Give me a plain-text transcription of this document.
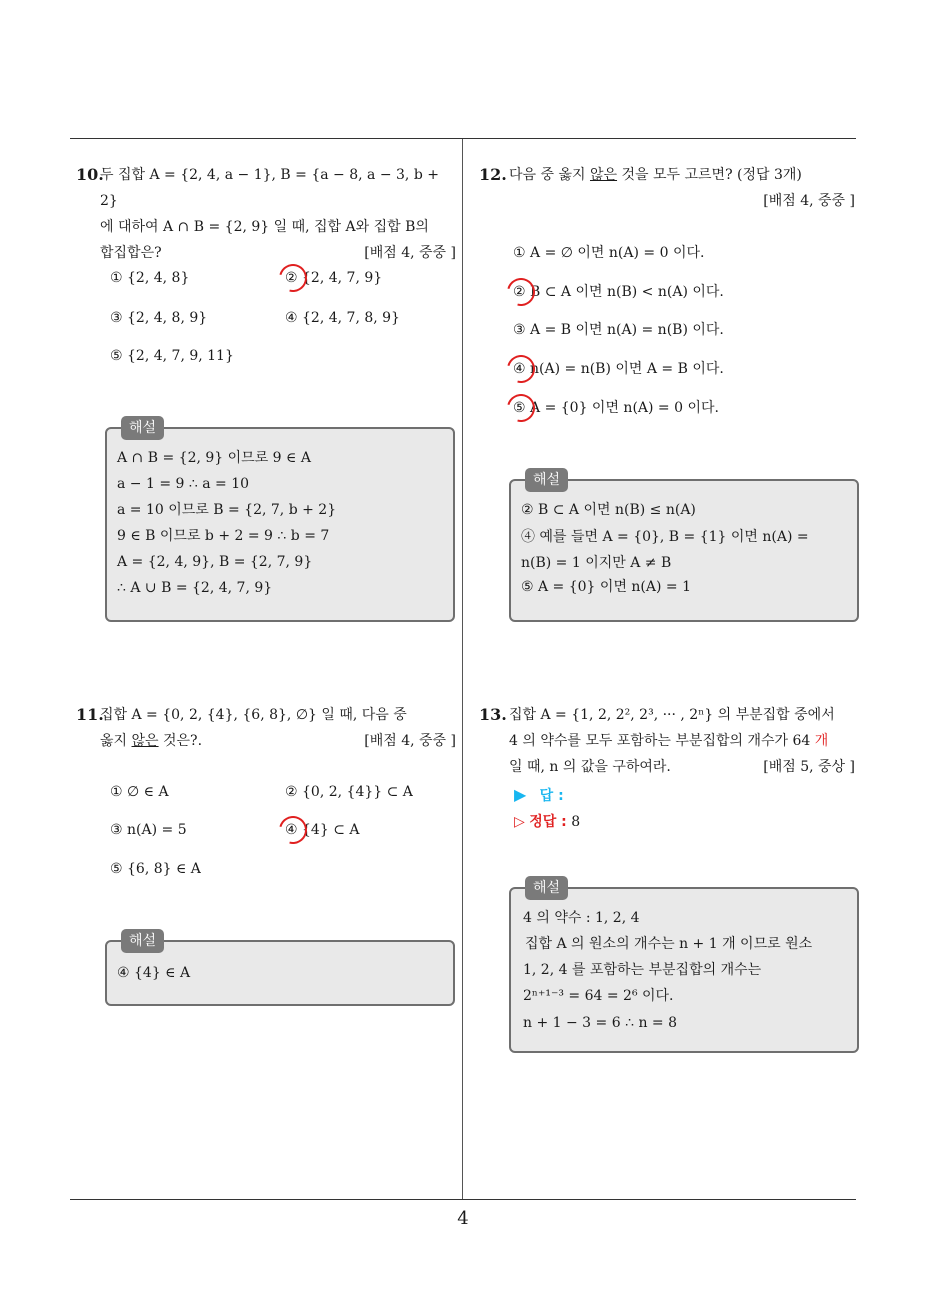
10.
두 집합 A = {2, 4, a − 1}, B = {a − 8, a − 3, b + 2}
에 대하여 A ∩ B = {2, 9} 일 때, 집합 A와 집합 B의
합집합은?	[배점 4, 중중 ]
① {2, 4, 8}	② {2, 4, 7, 9}
③ {2, 4, 8, 9}	④ {2, 4, 7, 8, 9}
⑤ {2, 4, 7, 9, 11}
해설
A ∩ B = {2, 9} 이므로 9 ∈ A
a − 1 = 9 ∴ a = 10
a = 10 이므로 B = {2, 7, b + 2}
9 ∈ B 이므로 b + 2 = 9 ∴ b = 7
A = {2, 4, 9}, B = {2, 7, 9}
∴ A ∪ B = {2, 4, 7, 9}
11.
집합 A = {0, 2, {4}, {6, 8}, ∅} 일 때, 다음 중
옳지 않은 것은?.	[배점 4, 중중 ]
① ∅ ∈ A	② {0, 2, {4}} ⊂ A
③ n(A) = 5	④ {4} ⊂ A
⑤ {6, 8} ∈ A
해설
④ {4} ∈ A
12. 다음 중 옳지 않은 것을 모두 고르면? (정답 3개)
[배점 4, 중중 ]
① A = ∅ 이면 n(A) = 0 이다.
② B ⊂ A 이면 n(B) < n(A) 이다.
③ A = B 이면 n(A) = n(B) 이다.
④ n(A) = n(B) 이면 A = B 이다.
⑤ A = {0} 이면 n(A) = 0 이다.
해설
② B ⊂ A 이면 n(B) ≤ n(A)
④ 예를 들면 A = {0}, B = {1} 이면 n(A) =
n(B) = 1 이지만 A ≠ B
⑤ A = {0} 이면 n(A) = 1
13. 집합 A = {1, 2, 2², 2³, ··· , 2ⁿ} 의 부분집합 중에서
4 의 약수를 모두 포함하는 부분집합의 개수가 64 개
일 때, n 의 값을 구하여라.	[배점 5, 중상 ]
▶ 답 :
▷ 정답 : 8
해설
4 의 약수 : 1, 2, 4
집합 A 의 원소의 개수는 n + 1 개 이므로 원소
1, 2, 4 를 포함하는 부분집합의 개수는
2ⁿ⁺¹⁻³ = 64 = 2⁶ 이다.
n + 1 − 3 = 6 ∴ n = 8
4
